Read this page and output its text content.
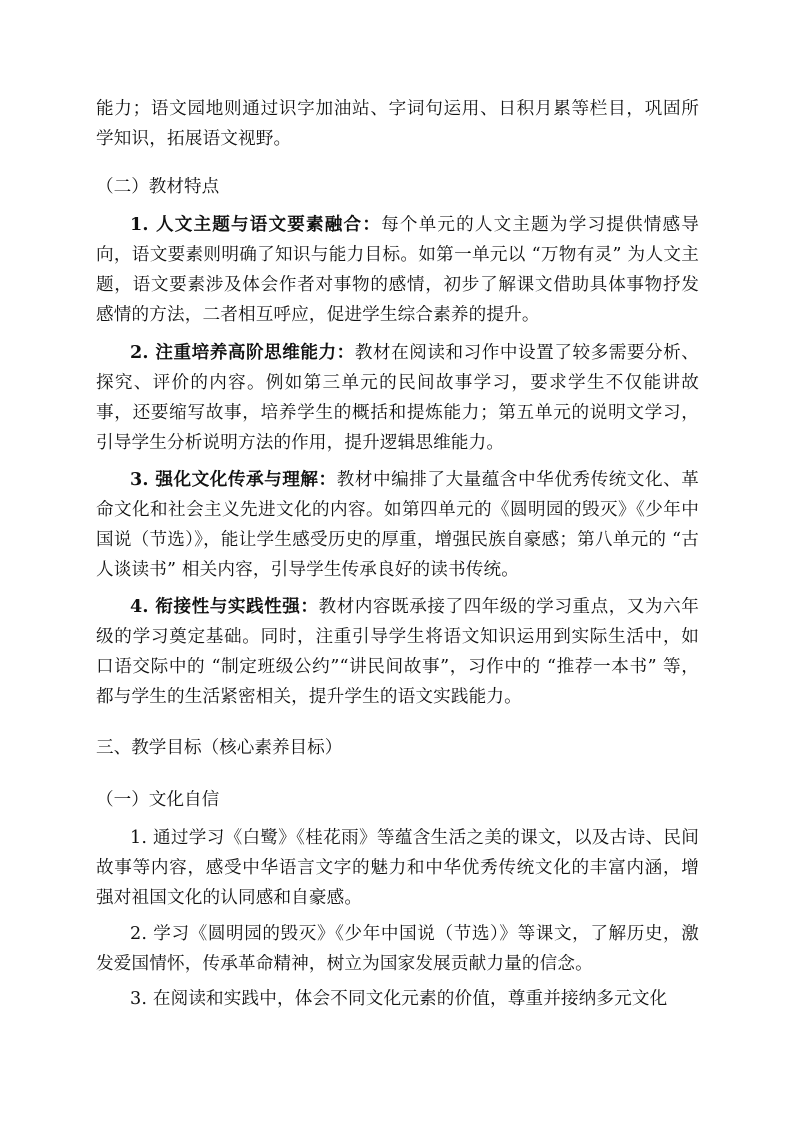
能力；语文园地则通过识字加油站、字词句运用、日积月累等栏目，巩固所学知识，拓展语文视野。

（二）教材特点

1. 人文主题与语文要素融合：每个单元的人文主题为学习提供情感导向，语文要素则明确了知识与能力目标。如第一单元以 “万物有灵” 为人文主题，语文要素涉及体会作者对事物的感情，初步了解课文借助具体事物抒发感情的方法，二者相互呼应，促进学生综合素养的提升。

2. 注重培养高阶思维能力：教材在阅读和习作中设置了较多需要分析、探究、评价的内容。例如第三单元的民间故事学习，要求学生不仅能讲故事，还要缩写故事，培养学生的概括和提炼能力；第五单元的说明文学习，引导学生分析说明方法的作用，提升逻辑思维能力。

3. 强化文化传承与理解：教材中编排了大量蕴含中华优秀传统文化、革命文化和社会主义先进文化的内容。如第四单元的《圆明园的毁灭》《少年中国说（节选）》，能让学生感受历史的厚重，增强民族自豪感；第八单元的 “古人谈读书” 相关内容，引导学生传承良好的读书传统。

4. 衔接性与实践性强：教材内容既承接了四年级的学习重点，又为六年级的学习奠定基础。同时，注重引导学生将语文知识运用到实际生活中，如口语交际中的 “制定班级公约”“讲民间故事”，习作中的 “推荐一本书” 等，都与学生的生活紧密相关，提升学生的语文实践能力。

三、教学目标（核心素养目标）

（一）文化自信

1. 通过学习《白鹭》《桂花雨》等蕴含生活之美的课文，以及古诗、民间故事等内容，感受中华语言文字的魅力和中华优秀传统文化的丰富内涵，增强对祖国文化的认同感和自豪感。

2. 学习《圆明园的毁灭》《少年中国说（节选）》等课文，了解历史，激发爱国情怀，传承革命精神，树立为国家发展贡献力量的信念。

3. 在阅读和实践中，体会不同文化元素的价值，尊重并接纳多元文化
